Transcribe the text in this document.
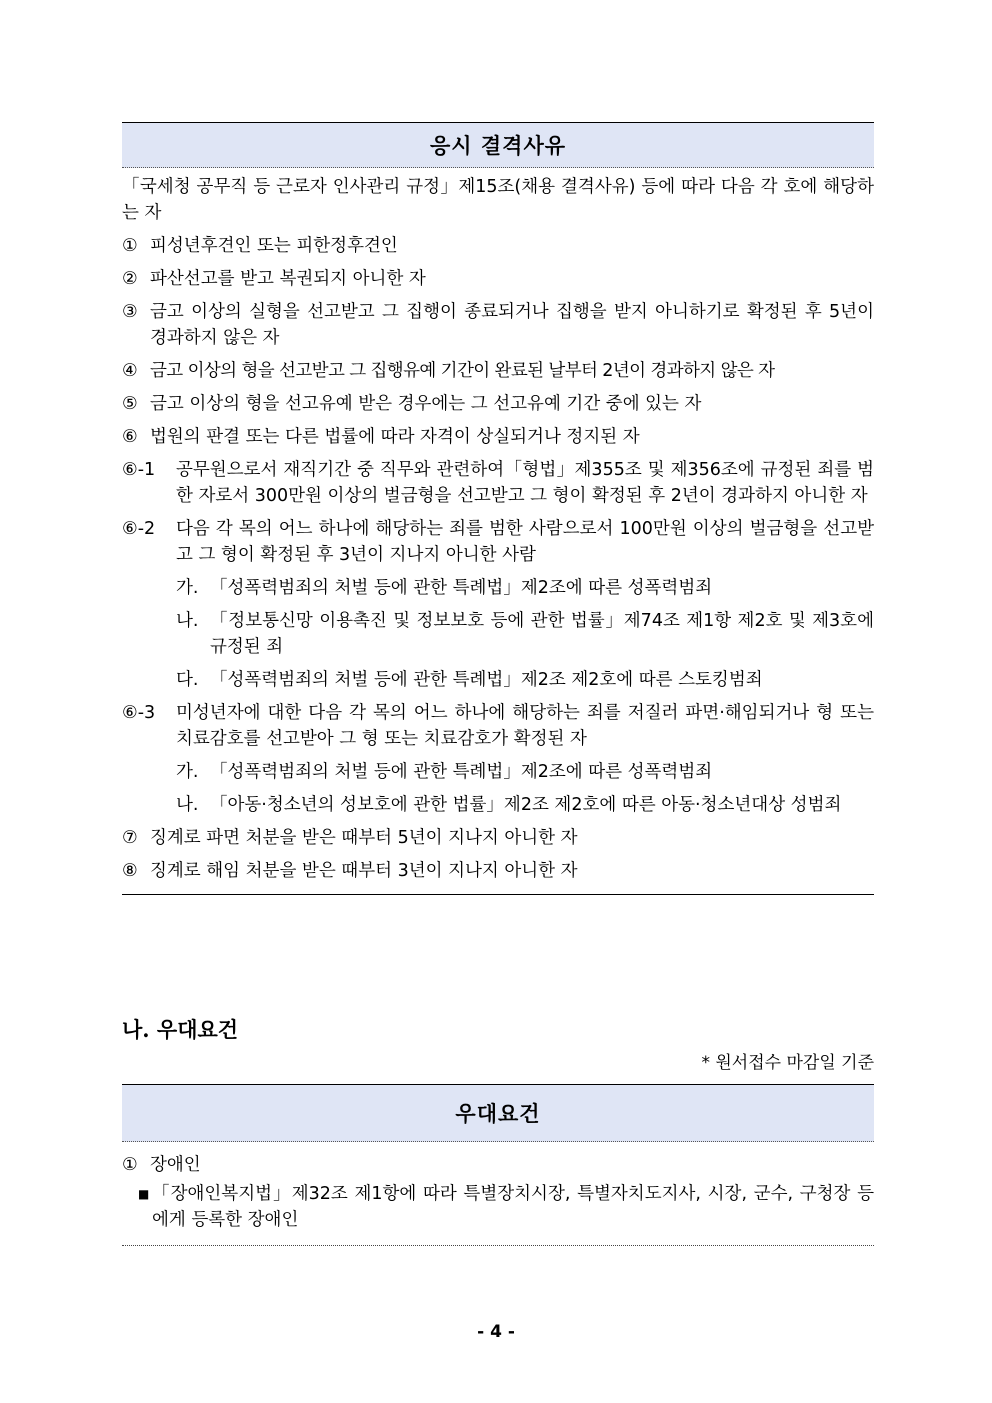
응시 결격사유
「국세청 공무직 등 근로자 인사관리 규정」제15조(채용 결격사유) 등에 따라 다음 각 호에 해당하는 자
① 피성년후견인 또는 피한정후견인
② 파산선고를 받고 복권되지 아니한 자
③ 금고 이상의 실형을 선고받고 그 집행이 종료되거나 집행을 받지 아니하기로 확정된 후 5년이 경과하지 않은 자
④ 금고 이상의 형을 선고받고 그 집행유예 기간이 완료된 날부터 2년이 경과하지 않은 자
⑤ 금고 이상의 형을 선고유예 받은 경우에는 그 선고유예 기간 중에 있는 자
⑥ 법원의 판결 또는 다른 법률에 따라 자격이 상실되거나 정지된 자
⑥-1	공무원으로서 재직기간 중 직무와 관련하여「형법」제355조 및 제356조에 규정된 죄를 범한 자로서 300만원 이상의 벌금형을 선고받고 그 형이 확정된 후 2년이 경과하지 아니한 자
⑥-2	다음 각 목의 어느 하나에 해당하는 죄를 범한 사람으로서 100만원 이상의 벌금형을 선고받고 그 형이 확정된 후 3년이 지나지 아니한 사람
가. 「성폭력범죄의 처벌 등에 관한 특례법」제2조에 따른 성폭력범죄
나. 「정보통신망 이용촉진 및 정보보호 등에 관한 법률」제74조 제1항 제2호 및 제3호에 규정된 죄
다. 「성폭력범죄의 처벌 등에 관한 특례법」제2조 제2호에 따른 스토킹범죄
⑥-3	미성년자에 대한 다음 각 목의 어느 하나에 해당하는 죄를 저질러 파면·해임되거나 형 또는 치료감호를 선고받아 그 형 또는 치료감호가 확정된 자
가. 「성폭력범죄의 처벌 등에 관한 특례법」제2조에 따른 성폭력범죄
나. 「아동·청소년의 성보호에 관한 법률」제2조 제2호에 따른 아동·청소년대상 성범죄
⑦ 징계로 파면 처분을 받은 때부터 5년이 지나지 아니한 자
⑧ 징계로 해임 처분을 받은 때부터 3년이 지나지 아니한 자
나. 우대요건
* 원서접수 마감일 기준
우대요건
① 장애인
■ 「장애인복지법」제32조 제1항에 따라 특별장치시장, 특별자치도지사, 시장, 군수, 구청장 등에게 등록한 장애인
- 4 -
